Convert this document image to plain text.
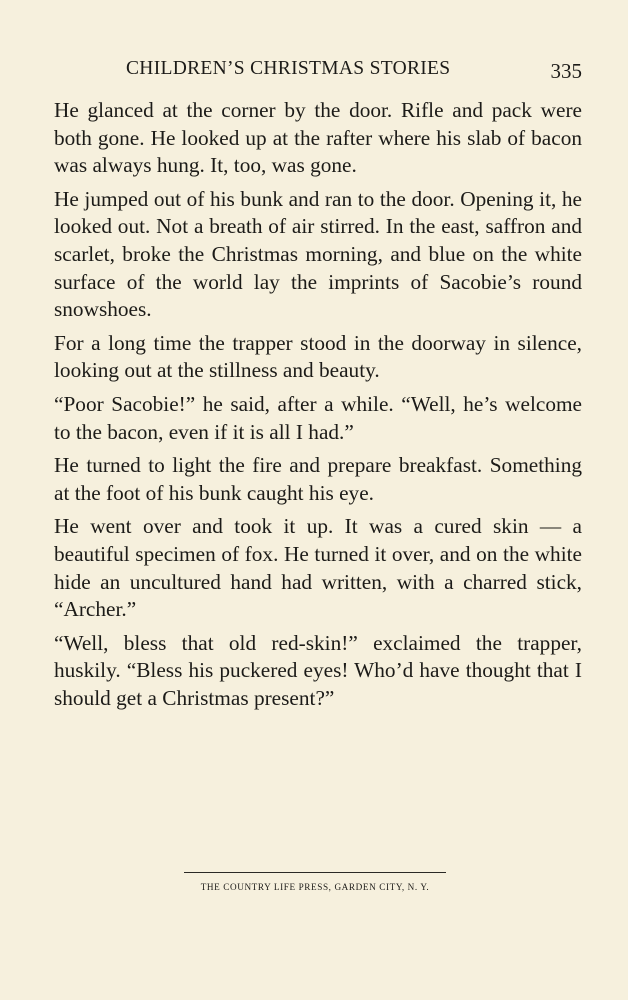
CHILDREN’S CHRISTMAS STORIES	335

He glanced at the corner by the door. Rifle and pack were both gone. He looked up at the rafter where his slab of bacon was always hung. It, too, was gone.

He jumped out of his bunk and ran to the door. Opening it, he looked out. Not a breath of air stirred. In the east, saffron and scarlet, broke the Christmas morning, and blue on the white surface of the world lay the imprints of Sacobie’s round snowshoes.

For a long time the trapper stood in the doorway in silence, looking out at the stillness and beauty.

“Poor Sacobie!” he said, after a while. “Well, he’s welcome to the bacon, even if it is all I had.”

He turned to light the fire and prepare breakfast. Something at the foot of his bunk caught his eye.

He went over and took it up. It was a cured skin — a beautiful specimen of fox. He turned it over, and on the white hide an uncultured hand had written, with a charred stick, “Archer.”

“Well, bless that old red-skin!” exclaimed the trapper, huskily. “Bless his puckered eyes! Who’d have thought that I should get a Christmas present?”

THE COUNTRY LIFE PRESS, GARDEN CITY, N. Y.
